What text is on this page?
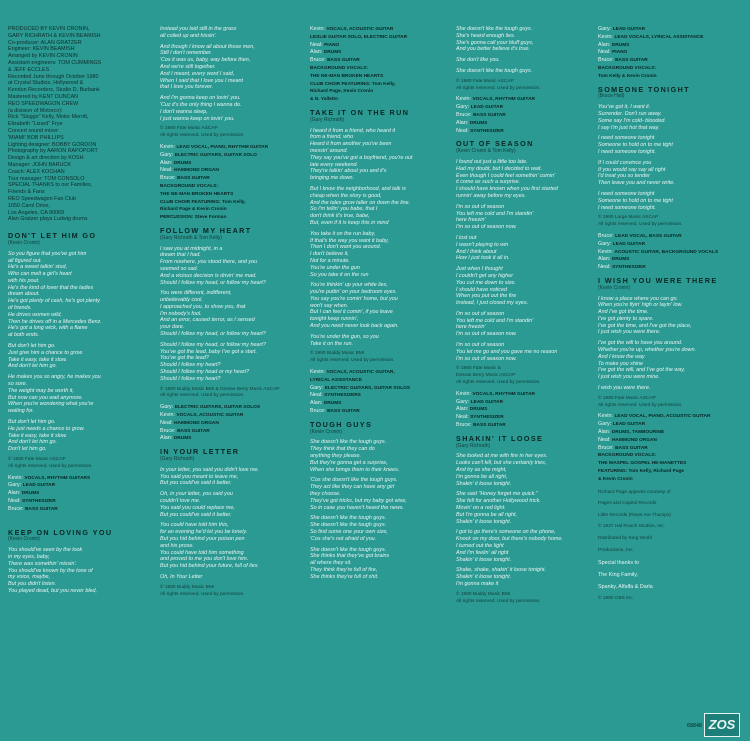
PRODUCED BY KEVIN CRONIN,

GARY RICHRATH & KEVIN BEAMISH

Co-producer: ALAN GRATZER

Engineer: KEVIN BEAMISH

Arranged by KEVIN CRONIN

Assistant engineers: TOM CUMMINGS

& JEFF ECCLES

Recorded June through October 1980

at Crystal Studios, Hollywood &

Kendun Recorders, Studio D, Burbank

Mastered by KENT DUNCAN

REO SPEEDWAGON CREW

(a division of Motorco):

Rick "Sluggo" Kelly, Motor Merritt,

Elizabeth "Lizard" Frye

Concert sound mixer:

'MIAMI' BOB PHILLIPS

Lighting designer: BOBBY GORDON

Photography by AARON RAPOPORT

Design & art direction by KOSH

Manager: JOHN BARUCK

Coach: ALEX KOCHAN

Tour manager: TOM CONSOLO

SPECIAL THANKS to our Families,

Friends & Fans

REO Speedwagon Fan Club

1050 Carol Drive,

Los Angeles, CA 90069

Alan Gratzer plays Ludwig drums

DON'T LET HIM GO
(Kevin Cronin)
So you figure that you've got him
all figured out.
He's a sweet talkin' stud,
Who can melt a girl's heart
with his pout.
He's the kind of lover that the ladies
dream about.
He's got plenty of cash, he's got plenty
of friends.
He drives women wild,
Then he drives off in a Mercedes Benz.
He's got a long wick, with a flame
at both ends.
But don't let him go.
Just give him a chance to grow.
Take it easy, take it slow.
And don't let him go.
He makes you so angry, he makes you
so sore.
The weight may be worth it,
But now can you wait anymore.
When you're wondering what you're
waiting for.
But don't let him go.
He just needs a chance to grow.
Take it easy, take it slow.
And don't let him go.
Don't let him go.
© 1980 Fate Music ASCAP
All rights reserved. Used by permission.
Kevin: VOCALS, RHYTHM GUITARS
Gary: LEAD GUITAR
Alan: DRUMS
Neal: SYNTHESIZER
Bruce: BASS GUITAR
KEEP ON LOVING YOU
(Kevin Cronin)
You should've seen by the look
in my eyes, baby,
There was somethin' missin'.
You should've known by the tone of
my voice, maybe,
But you didn't listen.
You played dead, but you never bled,
Instead you laid still in the grass
all coiled up and hissin'.
And though I know all about those men,
Still I don't remember.
'Cos it was us, baby, way before then,
And we're still together.
And I meant, every word I said,
When I said that I love you I meant
that I love you forever.
And I'm gonna keep on lovin' you.
'Cuz it's the only thing I wanna do.
I don't wanna sleep,
I just wanna keep on lovin' you.
© 1980 Fate Music ASCAP
All rights reserved. Used by permission.
Kevin: LEAD VOCAL, PIANO, RHYTHM GUITAR
Gary: ELECTRIC GUITARS, GUITAR SOLO
Alan: DRUMS
Neal: HAMMOND ORGAN
Bruce: BASS GUITAR
BACKGROUND VOCALS:
THE NE-MAN BROKEN HEARTS
CLUB CHOIR FEATURING: Tom Kelly,
Richard Page & Kevin Cronin
PERCUSSION: Steve Forman
FOLLOW MY HEART
(Gary Richrath & Tom Kelly)
I saw you at midnight, in a
dream that I had.
From nowhere, you stood there, and you
seemed so sad.
And a vicious decision is drivin' me mad.
Should I follow my head, or follow my heart?
You were different, indifferent,
unbelievably cool.
I approached you, to show you, that
I'm nobody's fool.
And an error, caused terror, as I sensed
your dare.
Should I follow my head, or follow my heart?
Should I follow my head, or follow my heart?
You've got the lead, baby I've got a start.
You've got the lead?
Should I follow my heart?
Should I follow my head or my heart?
Should I follow my heart?
© 1980 Buddy Music BMI & Desrae Berry Music ASCAP
All rights reserved. Used by permission.
Gary: ELECTRIC GUITARS, GUITAR SOLOS
Kevin: VOCALS, ACOUSTIC GUITAR
Neal: HAMMOND ORGAN
Bruce: BASS GUITAR
Alan: DRUMS
IN YOUR LETTER
(Gary Richrath)
In your letter, you said you didn't love me.
You said you meant to leave me,
But you could've said it better.
Oh, in your letter, you said you
couldn't love me.
You said you could replace me,
But you could've said it better.
You could have told him this,
for an evening he'd let you be lonely.
But you hid behind your poison pen
and his prose.
You could have told him something
and proved to me you don't love him.
But you hid behind your future, full of lies.
Oh, In Your Letter
© 1980 Buddy Music BMI
All rights reserved. Used by permission.
Kevin: VOCALS, ACOUSTIC GUITAR
LESLIE GUITAR SOLO, ELECTRIC GUITAR
Neal: PIANO
Alan: DRUMS
Bruce: BASS GUITAR
BACKGROUND VOCALS:
THE NE-MAN BROKEN HEARTS
CLUB CHOIR FEATURING: Tom Kelly,
Richard Page, Kevin Cronin
& N. Yalletto
TAKE IT ON THE RUN
(Gary Richrath)
I heard it from a friend, who heard it
from a friend, who
Heard it from another you've been
messin' around.
They say you've got a boyfriend, you're out
late every weekend.
They're talkin' about you and it's
bringing me down.
But I know the neighborhood, and talk is
cheap when the story is good,
And the tales grow taller on down the line.
So I'm tellin' you babe, that I
don't think it's true, babe,
But, even if it is keep this in mind
You take it on the run baby,
If that's the way you want it baby,
Then I don't want you around.
I don't believe it,
Not for a minute.
You're under the gun
So you take it on the run
You're thinkin' up your white lies,
you're puttin' on your bedroom eyes.
You say you're comin' home, but you
won't say when.
But I can feel it comin', if you leave
tonight keep runnin',
And you need never look back again.
You're under the gun, so you
Take it on the run.
© 1980 Buddy Music BMI
All rights reserved. Used by permission.
Kevin: VOCALS, ACOUSTIC GUITAR,
LYRICAL ASSISTANCE
Gary: ELECTRIC GUITARS, GUITAR SOLOS
Neal: SYNTHESIZERS
Alan: DRUMS
Bruce: BASS GUITAR
TOUGH GUYS
(Kevin Cronin)
She doesn't like the tough guys.
They think that they can do
anything they please.
But they're gonna get a surprise,
When she brings them to their knees.
'Cos she doesn't like the tough guys.
They act like they can have any girl
they choose.
They've got tricks, but my baby got wise,
So in case you haven't heard the news.
She doesn't like the tough guys.
She doesn't like the tough guys.
So find some one your own size,
'Cos she's not afraid of you.
She doesn't like the tough guys.
She thinks that they've got brains
all where they sit.
They think they're full of fire,
She thinks they're full of shit.
She doesn't like the tough guys.
She's heard enough lies.
She's gonna call your bluff guys,
And you better believe it's true.
She don't like you.
She doesn't like the tough guys.
© 1980 Fate Music ASCAP
All rights reserved. Used by permission.
Kevin: VOCALS, RHYTHM GUITAR
Gary: LEAD GUITAR
Bruce: BASS GUITAR
Alan: DRUMS
Neal: SYNTHESIZER
OUT OF SEASON
(Kevin Cronin & Tom Kelly)
I found out just a little too late.
Had my doubt, but I decided to wait.
Even though I could feel somethin' comin'
it come as such a surprise.
I should have known when you first started
runnin' away before my eyes.
I'm so out of season
You left me cold and I'm standin'
here freezin'
I'm so out of season now.
I lost out
I wasn't playing to win
And I think about
How I just took it all in.
Just when I thought
I couldn't get any higher
You cut me down to size.
I should have noticed
When you put out the fire
Instead, I just closed my eyes.
I'm so out of season
You left me cold and I'm standin'
here freezin'
I'm so out of season now.
I'm so out of season
You let me go and you gave me no reason
I'm so out of season now.
© 1980 Fate Music &
Desrae Berry Music ASCAP
All rights reserved. Used by permission.
Kevin: VOCALS, RHYTHM GUITAR
Gary: LEAD GUITAR
Alan: DRUMS
Neal: SYNTHESIZER
Bruce: BASS GUITAR
SHAKIN' IT LOOSE
(Gary Richrath)
She looked at me with fire in her eyes.
Looks can't kill, but she certainly tries,
And try as she might,
I'm gonna be all right,
Shakin' it loose tonight.
She said "Honey forget me quick."
She fell for another Hollywood trick.
Movin' on a red light.
But I'm gonna be all right,
Shakin' it loose tonight.
I got to go there's someone on the phone,
Knock on my door, but there's nobody home.
I turned out the light
And I'm feelin' all right
Shakin' it loose tonight.
Shake, shake, shakin' it loose tonight.
Shakin' it loose tonight.
I'm gonna make it
© 1980 Buddy Music BMI
All rights reserved. Used by permission.
Gary: LEAD GUITAR
Kevin: LEAD VOCALS, LYRICAL ASSISTANCE
Alan: DRUMS
Neal: PIANO
Bruce: BASS GUITAR
BACKGROUND VOCALS:
Tom Kelly & Kevin Cronin
SOMEONE TONIGHT
(Bruce Hall)
You've got it, I want it.
Surrender. Don't run away.
Some say I'm cold- blooded.
I say I'm just hot that way.
I need someone tonight
Someone to hold on to me tight
I need someone tonight.
If I could convince you
If you would say say all right
I'd treat you so tender
Then leave you and never write.
I need someone tonight
Someone to hold on to me tight
I need someone tonight.
© 1980 Large Music ASCAP
All rights reserved. Used by permission.
Bruce: LEAD VOCAL, BASS GUITAR
Gary: LEAD GUITAR
Kevin: ACOUSTIC GUITAR, BACKGROUND VOCALS
Alan: DRUMS
Neal: SYNTHESIZER
I WISH YOU WERE THERE
(Kevin Cronin)
I know a place where you can go.
When you're flyin' high or layin' low.
And I've got the time.
I've got plenty to spare.
I've got the time, and I've got the place,
I just wish you were there.
I've got the will to have you around.
Whether you're up, whether you're down.
And I know the way
To make you shine
I've got the will, and I've got the way,
I just wish you were mine.
I wish you were there.
© 1980 Fate Music ASCAP
All rights reserved. Used by permission.
Kevin: LEAD VOCAL, PIANO, ACOUSTIC GUITAR
Gary: LEAD GUITAR
Alan: DRUMS, TAMBOURINE
Neal: HAMMOND ORGAN
Bruce: BASS GUITAR
BACKGROUND VOCALS:
THE WASPEL GOSPEL HE-MANETTES
FEATURING: Tom Kelly, Richard Page
& Kevin Cronin

Richard Page appears courtesy of

Pages and Capitol Records

Little Records (Rows Are Thumps)

© 1937 Hal Roach Studios, Inc.

Distributed by King World

Productions, Inc.

Special thanks to

The King Family,

Spanky, Alfalfa & Darla

© 1980 CBS Inc.
68848 ZOS
